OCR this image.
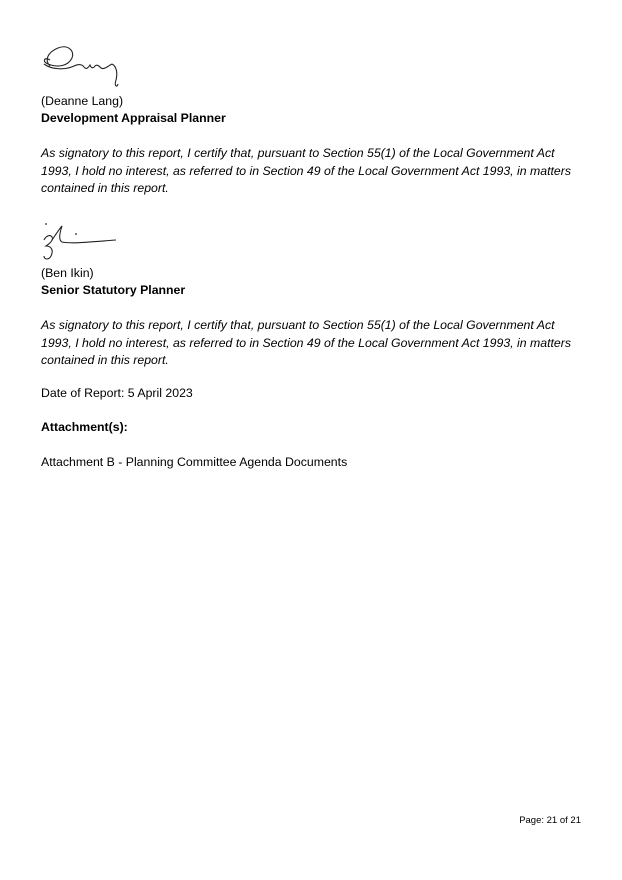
(Deanne Lang)
Development Appraisal Planner
As signatory to this report, I certify that, pursuant to Section 55(1) of the Local Government Act 1993, I hold no interest, as referred to in Section 49 of the Local Government Act 1993, in matters contained in this report.
(Ben Ikin)
Senior Statutory Planner
As signatory to this report, I certify that, pursuant to Section 55(1) of the Local Government Act 1993, I hold no interest, as referred to in Section 49 of the Local Government Act 1993, in matters contained in this report.
Date of Report: 5 April 2023
Attachment(s):
Attachment B - Planning Committee Agenda Documents
Page: 21 of 21
